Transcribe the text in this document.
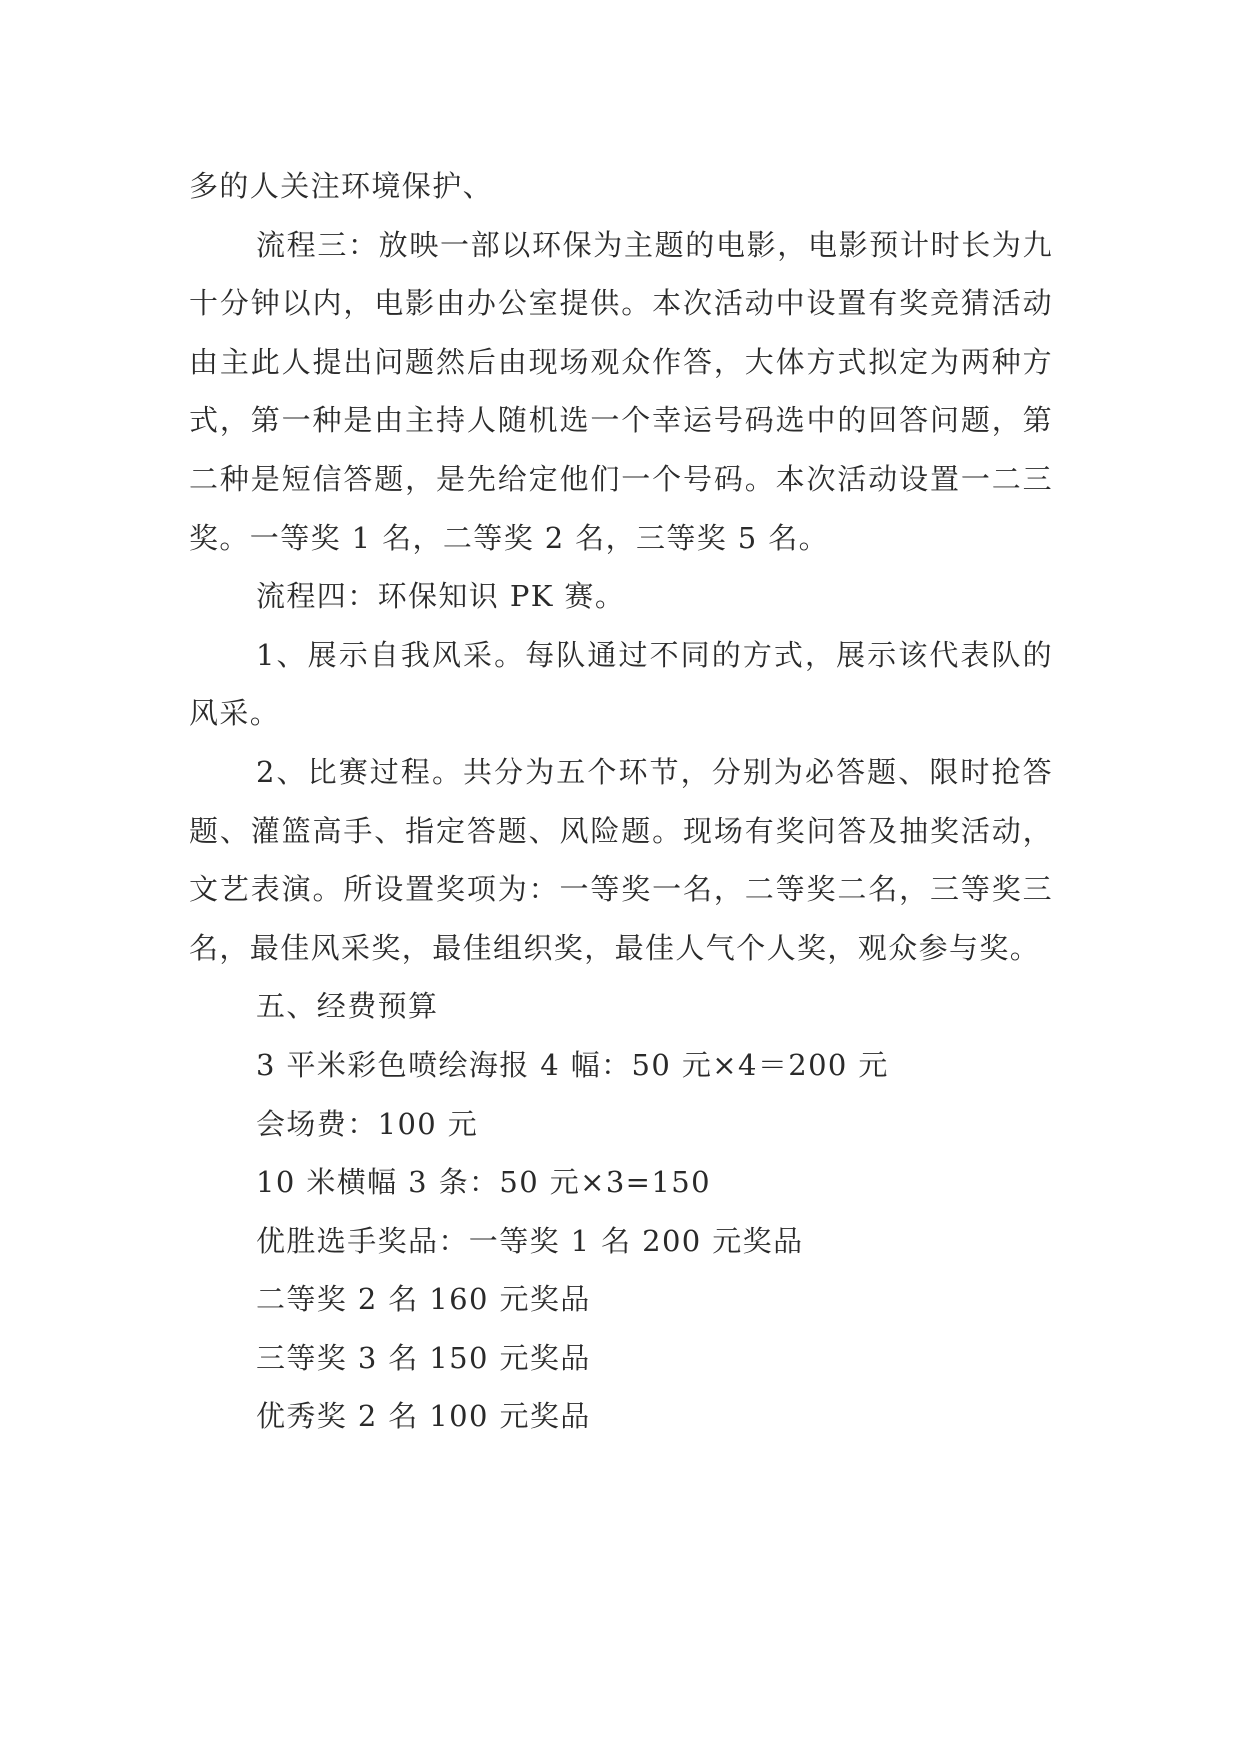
多的人关注环境保护、

流程三：放映一部以环保为主题的电影，电影预计时长为九十分钟以内，电影由办公室提供。本次活动中设置有奖竞猜活动由主此人提出问题然后由现场观众作答，大体方式拟定为两种方式，第一种是由主持人随机选一个幸运号码选中的回答问题，第二种是短信答题，是先给定他们一个号码。本次活动设置一二三奖。一等奖 1 名，二等奖 2 名，三等奖 5 名。

流程四：环保知识 PK 赛。

1、展示自我风采。每队通过不同的方式，展示该代表队的风采。

2、比赛过程。共分为五个环节，分别为必答题、限时抢答题、灌篮高手、指定答题、风险题。现场有奖问答及抽奖活动，文艺表演。所设置奖项为：一等奖一名，二等奖二名，三等奖三名，最佳风采奖，最佳组织奖，最佳人气个人奖，观众参与奖。

五、经费预算

3 平米彩色喷绘海报 4 幅：50 元×4＝200 元

会场费：100 元

10 米横幅 3 条：50 元×3=150

优胜选手奖品：一等奖 1 名 200 元奖品

二等奖 2 名 160 元奖品

三等奖 3 名 150 元奖品

优秀奖 2 名 100 元奖品
